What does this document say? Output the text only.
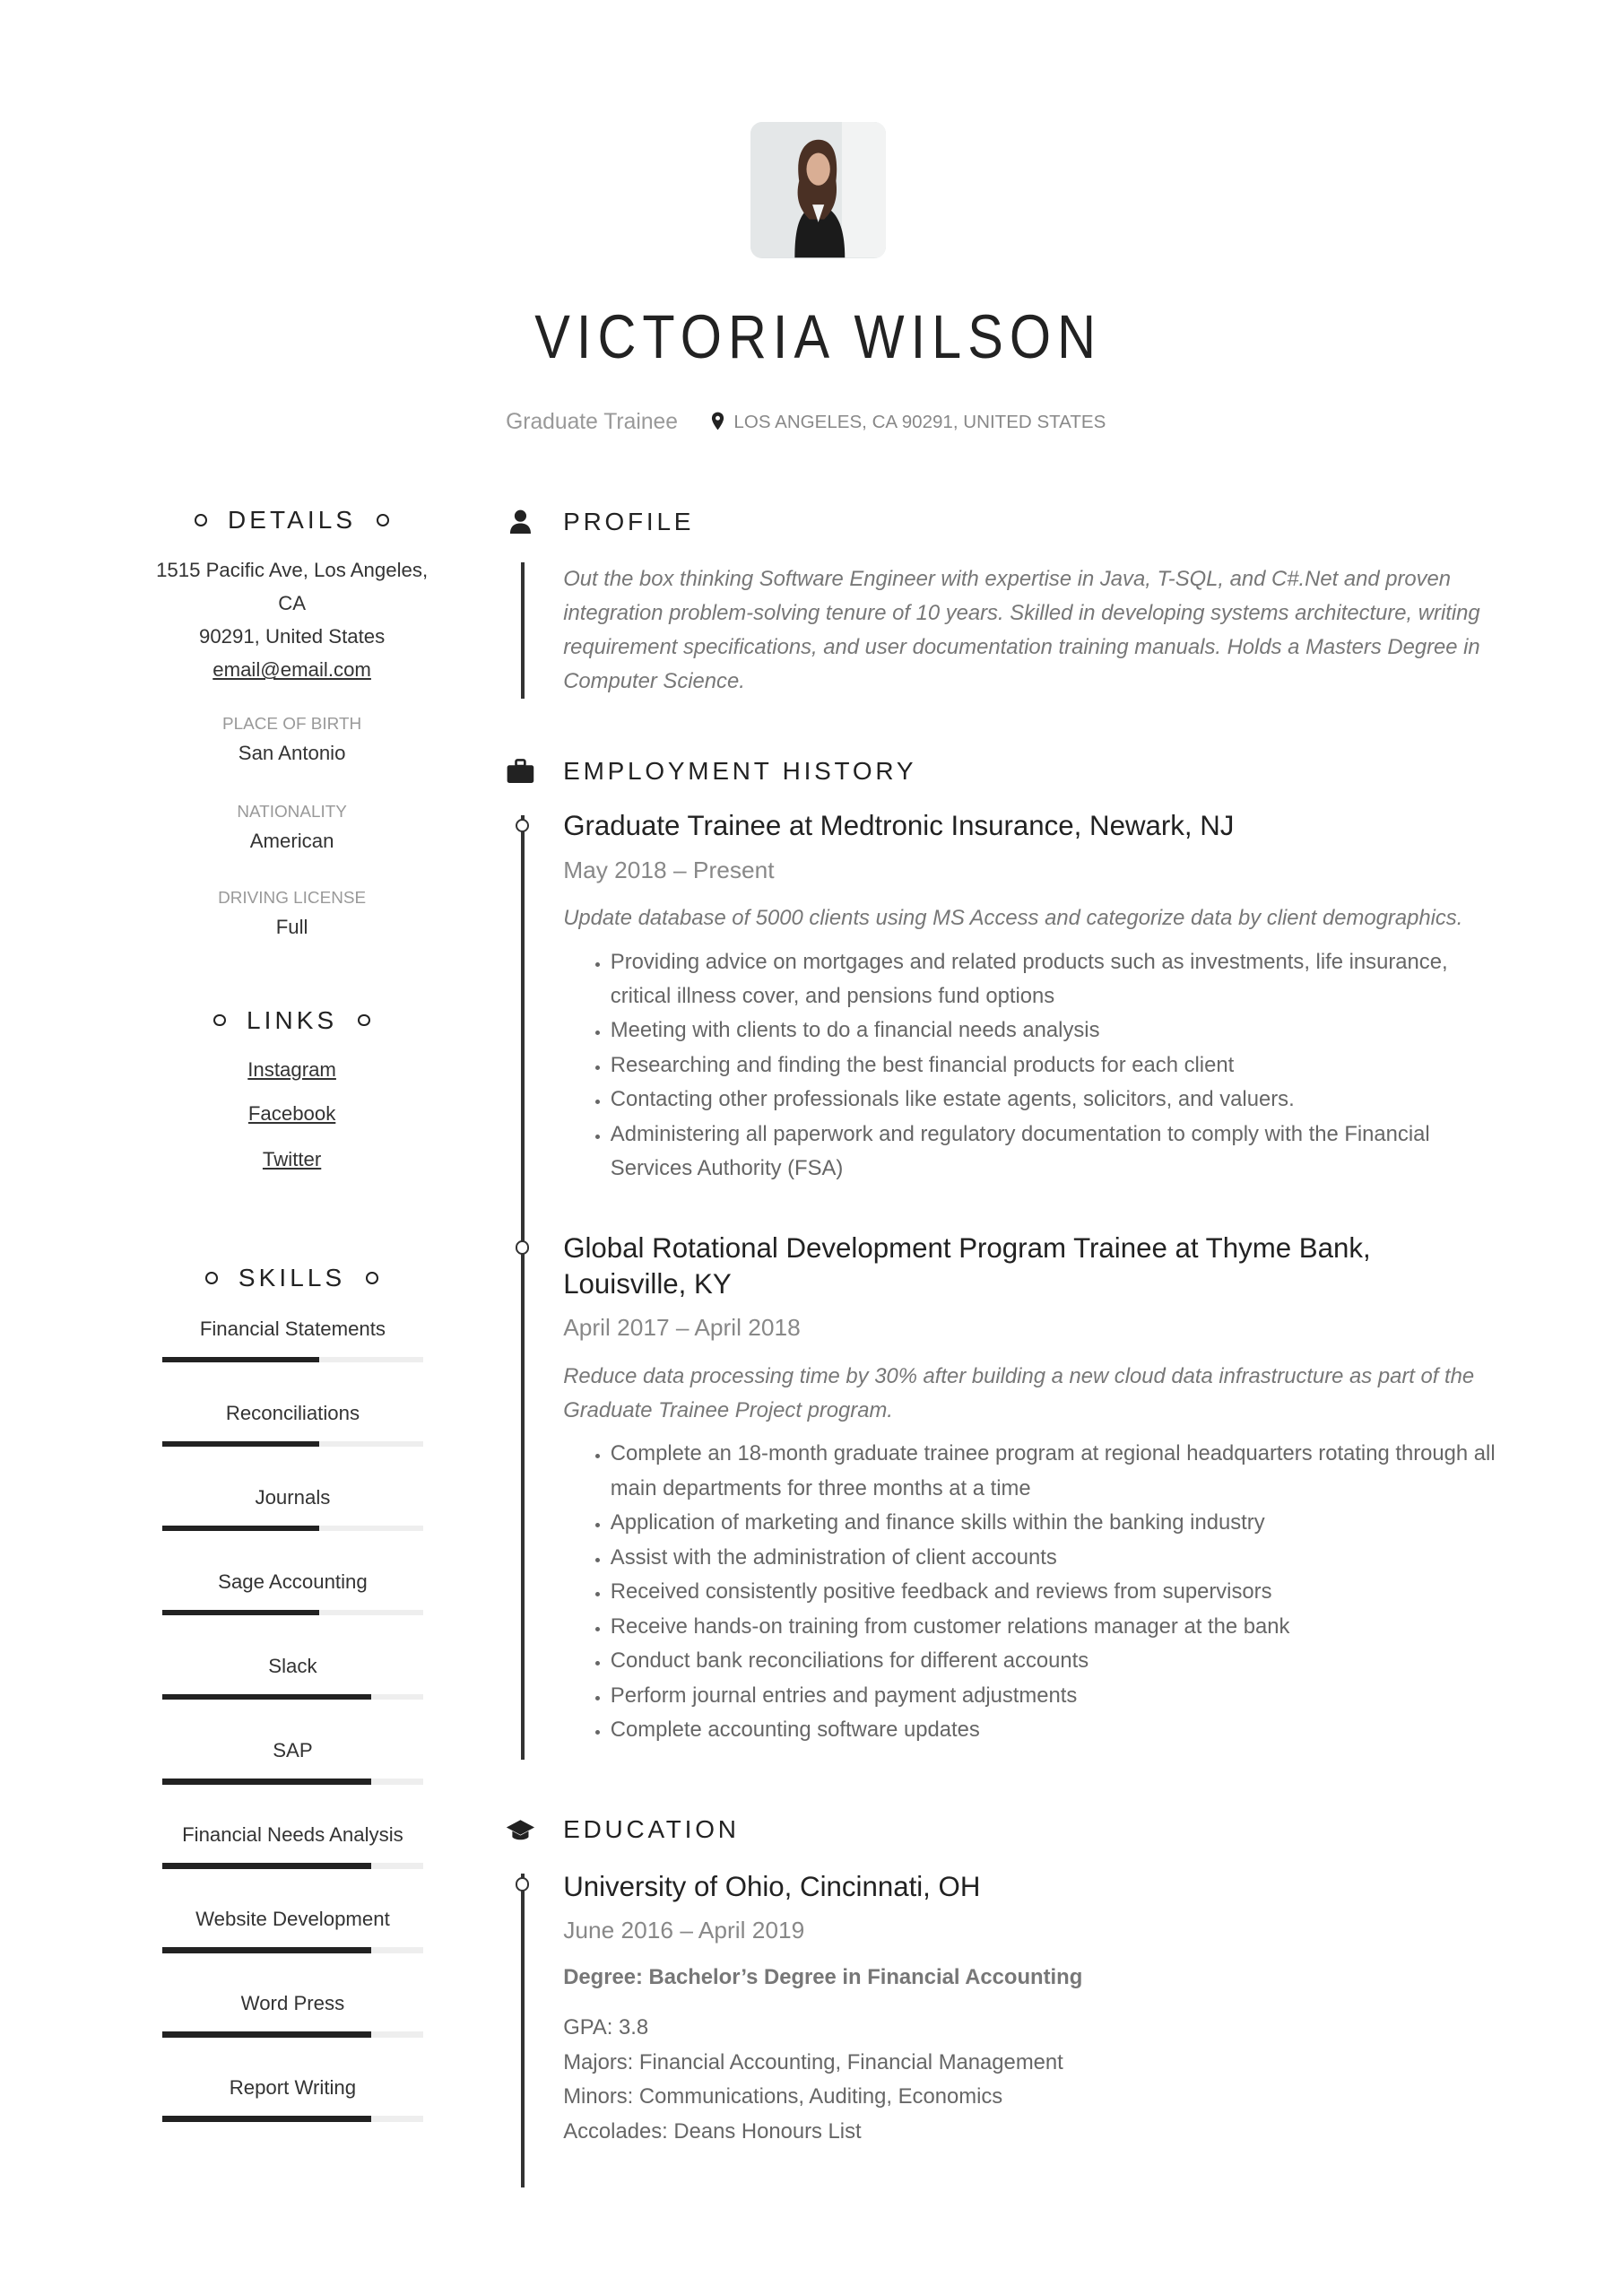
VICTORIA WILSON
Graduate Trainee	LOS ANGELES, CA 90291, UNITED STATES
DETAILS
1515 Pacific Ave, Los Angeles, CA
90291, United States
email@email.com
PLACE OF BIRTH
San Antonio
NATIONALITY
American
DRIVING LICENSE
Full
LINKS
Instagram
Facebook
Twitter
SKILLS
Financial Statements
Reconciliations
Journals
Sage Accounting
Slack
SAP
Financial Needs Analysis
Website Development
Word Press
Report Writing
PROFILE
Out the box thinking Software Engineer with expertise in Java, T-SQL, and C#.Net and proven integration problem-solving tenure of 10 years. Skilled in developing systems architecture, writing requirement specifications, and user documentation training manuals. Holds a Masters Degree in Computer Science.
EMPLOYMENT HISTORY
Graduate Trainee at Medtronic Insurance, Newark, NJ
May 2018 – Present
Update database of 5000 clients using MS Access and categorize data by client demographics.
• Providing advice on mortgages and related products such as investments, life insurance, critical illness cover, and pensions fund options
• Meeting with clients to do a financial needs analysis
• Researching and finding the best financial products for each client
• Contacting other professionals like estate agents, solicitors, and valuers.
• Administering all paperwork and regulatory documentation to comply with the Financial Services Authority (FSA)
Global Rotational Development Program Trainee at Thyme Bank, Louisville, KY
April 2017 – April 2018
Reduce data processing time by 30% after building a new cloud data infrastructure as part of the Graduate Trainee Project program.
• Complete an 18-month graduate trainee program at regional headquarters rotating through all main departments for three months at a time
• Application of marketing and finance skills within the banking industry
• Assist with the administration of client accounts
• Received consistently positive feedback and reviews from supervisors
• Receive hands-on training from customer relations manager at the bank
• Conduct bank reconciliations for different accounts
• Perform journal entries and payment adjustments
• Complete accounting software updates
EDUCATION
University of Ohio, Cincinnati, OH
June 2016 – April 2019
Degree: Bachelor’s Degree in Financial Accounting
GPA: 3.8
Majors: Financial Accounting, Financial Management
Minors: Communications, Auditing, Economics
Accolades: Deans Honours List
